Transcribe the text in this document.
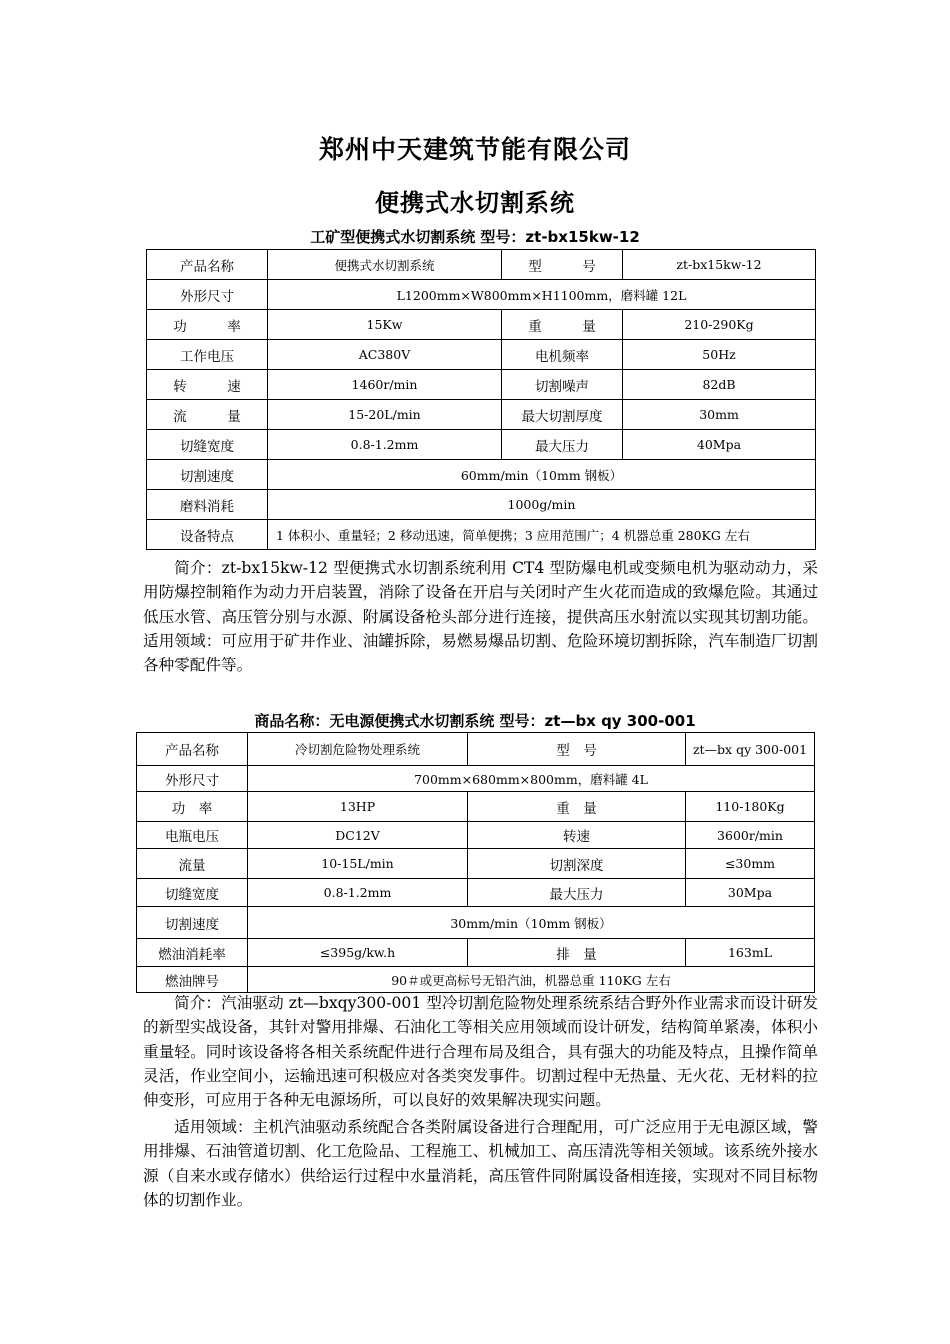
郑州中天建筑节能有限公司
便携式水切割系统
工矿型便携式水切割系统 型号：zt-bx15kw-12
产品名称	便携式水切割系统	型　　　号	zt-bx15kw-12
外形尺寸	L1200mm×W800mm×H1100mm，磨料罐 12L		
功　　　率	15Kw	重　　　量	210-290Kg
工作电压	AC380V	电机频率	50Hz
转　　　速	1460r/min	切割噪声	82dB
流　　　量	15-20L/min	最大切割厚度	30mm
切缝宽度	0.8-1.2mm	最大压力	40Mpa
切割速度	60mm/min（10mm 钢板）		
磨料消耗	1000g/min		
设备特点	1 体积小、重量轻；2 移动迅速，简单便携；3 应用范围广；4 机器总重 280KG 左右		
简介：zt-bx15kw-12 型便携式水切割系统利用 CT4 型防爆电机或变频电机为驱动动力，采用防爆控制箱作为动力开启装置，消除了设备在开启与关闭时产生火花而造成的致爆危险。其通过低压水管、高压管分别与水源、附属设备枪头部分进行连接，提供高压水射流以实现其切割功能。适用领域：可应用于矿井作业、油罐拆除，易燃易爆品切割、危险环境切割拆除，汽车制造厂切割各种零配件等。
商品名称：无电源便携式水切割系统 型号：zt—bx qy 300-001
产品名称	冷切割危险物处理系统	型　号	zt—bx qy 300-001
外形尺寸	700mm×680mm×800mm，磨料罐 4L		
功　率	13HP	重　量	110-180Kg
电瓶电压	DC12V	转速	3600r/min
流量	10-15L/min	切割深度	≤30mm
切缝宽度	0.8-1.2mm	最大压力	30Mpa
切割速度	30mm/min（10mm 钢板）		
燃油消耗率	≤395g/kw.h	排　量	163mL
燃油牌号	90＃或更高标号无铅汽油，机器总重 110KG 左右		
简介：汽油驱动 zt—bxqy300-001 型冷切割危险物处理系统系结合野外作业需求而设计研发的新型实战设备，其针对警用排爆、石油化工等相关应用领域而设计研发，结构简单紧凑，体积小重量轻。同时该设备将各相关系统配件进行合理布局及组合，具有强大的功能及特点，且操作简单灵活，作业空间小，运输迅速可积极应对各类突发事件。切割过程中无热量、无火花、无材料的拉伸变形，可应用于各种无电源场所，可以良好的效果解决现实问题。
适用领域：主机汽油驱动系统配合各类附属设备进行合理配用，可广泛应用于无电源区域，警用排爆、石油管道切割、化工危险品、工程施工、机械加工、高压清洗等相关领域。该系统外接水源（自来水或存储水）供给运行过程中水量消耗，高压管件同附属设备相连接，实现对不同目标物体的切割作业。
